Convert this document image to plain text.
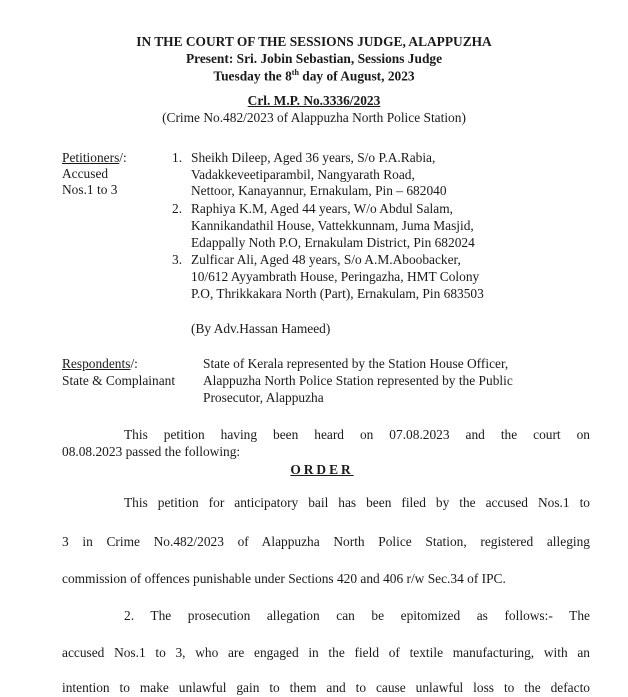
IN THE COURT OF THE SESSIONS JUDGE, ALAPPUZHA
Present: Sri. Jobin Sebastian, Sessions Judge
Tuesday the 8th day of August, 2023
Crl. M.P. No.3336/2023
(Crime No.482/2023 of Alappuzha North Police Station)
Petitioners/:
Accused
Nos.1 to 3
1. Sheikh Dileep, Aged 36 years, S/o P.A.Rabia,
Vadakkeveetiparambil, Nangyarath Road,
Nettoor, Kanayannur, Ernakulam, Pin – 682040
2. Raphiya K.M, Aged 44 years, W/o Abdul Salam,
Kannikandathil House, Vattekkunnam, Juma Masjid,
Edappally Noth P.O, Ernakulam District, Pin 682024
3. Zulficar Ali, Aged 48 years, S/o A.M.Aboobacker,
10/612 Ayyambrath House, Peringazha, HMT Colony
P.O, Thrikkakara North (Part), Ernakulam, Pin 683503
(By Adv.Hassan Hameed)
Respondents/:
State & Complainant
State of Kerala represented by the Station House Officer,
Alappuzha North Police Station represented by the Public
Prosecutor, Alappuzha
This petition having been heard on 07.08.2023 and the court on
08.08.2023 passed the following:
ORDER
This petition for anticipatory bail has been filed by the accused Nos.1 to
3 in Crime No.482/2023 of Alappuzha North Police Station, registered alleging
commission of offences punishable under Sections 420 and 406 r/w Sec.34 of IPC.
2. The prosecution allegation can be epitomized as follows:- The
accused Nos.1 to 3, who are engaged in the field of textile manufacturing, with an
intention to make unlawful gain to them and to cause unlawful loss to the defacto
